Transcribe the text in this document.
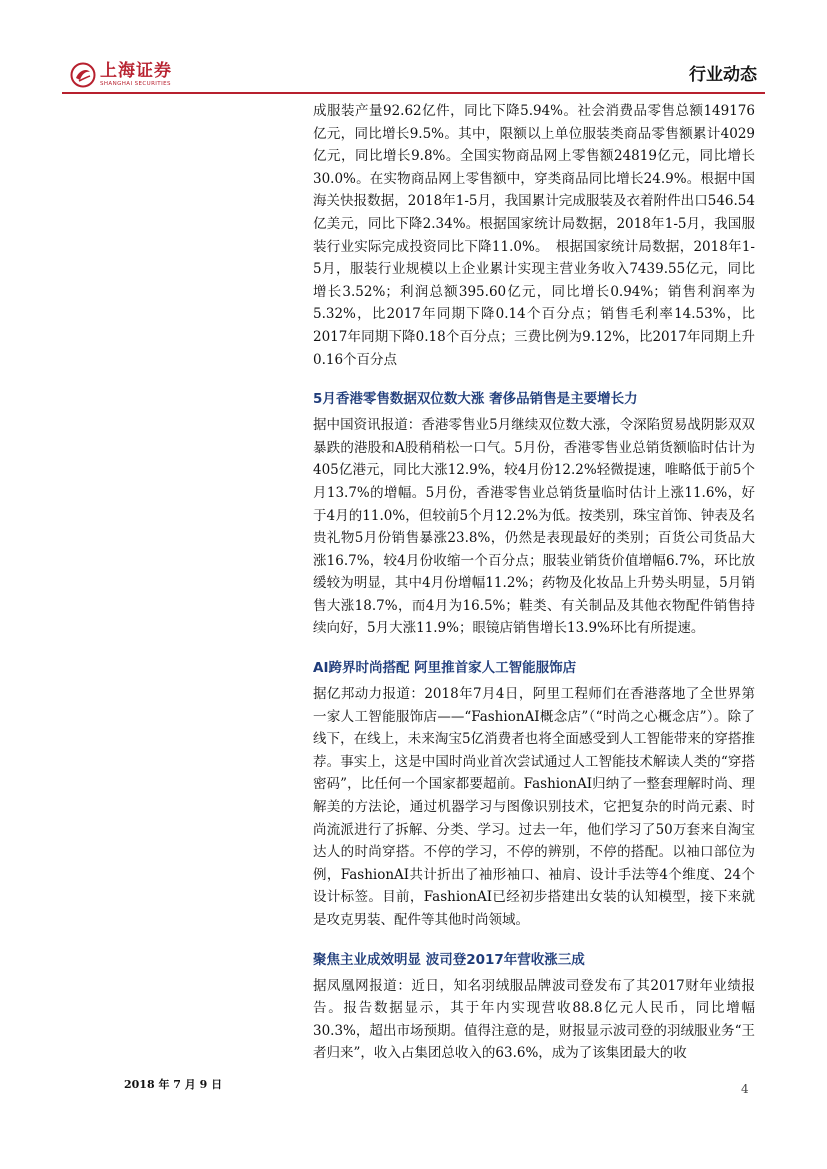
上海证券
SHANGHAI SECURITIES	行业动态

成服装产量92.62亿件，同比下降5.94%。社会消费品零售总额149176亿元，同比增长9.5%。其中，限额以上单位服装类商品零售额累计4029亿元，同比增长9.8%。全国实物商品网上零售额24819亿元，同比增长30.0%。在实物商品网上零售额中，穿类商品同比增长24.9%。根据中国海关快报数据，2018年1-5月，我国累计完成服装及衣着附件出口546.54亿美元，同比下降2.34%。根据国家统计局数据，2018年1-5月，我国服装行业实际完成投资同比下降11.0%。　根据国家统计局数据，2018年1-5月，服装行业规模以上企业累计实现主营业务收入7439.55亿元，同比增长3.52%；利润总额395.60亿元，同比增长0.94%；销售利润率为5.32%，比2017年同期下降0.14个百分点；销售毛利率14.53%，比 2017年同期下降0.18个百分点；三费比例为9.12%，比2017年同期上升0.16个百分点

5月香港零售数据双位数大涨 奢侈品销售是主要增长力

据中国资讯报道：香港零售业5月继续双位数大涨，令深陷贸易战阴影双双暴跌的港股和A股稍稍松一口气。5月份，香港零售业总销货额临时估计为405亿港元，同比大涨12.9%，较4月份12.2%轻微提速，唯略低于前5个月13.7%的增幅。5月份，香港零售业总销货量临时估计上涨11.6%，好于4月的11.0%，但较前5个月12.2%为低。按类别，珠宝首饰、钟表及名贵礼物5月份销售暴涨23.8%，仍然是表现最好的类别；百货公司货品大涨16.7%，较4月份收缩一个百分点；服装业销货价值增幅6.7%，环比放缓较为明显，其中4月份增幅11.2%；药物及化妆品上升势头明显，5月销售大涨18.7%，而4月为16.5%；鞋类、有关制品及其他衣物配件销售持续向好，5月大涨11.9%；眼镜店销售增长13.9%环比有所提速。

AI跨界时尚搭配 阿里推首家人工智能服饰店

据亿邦动力报道：2018年7月4日，阿里工程师们在香港落地了全世界第一家人工智能服饰店——“FashionAI概念店”（“时尚之心概念店”）。除了线下，在线上，未来淘宝5亿消费者也将全面感受到人工智能带来的穿搭推荐。事实上，这是中国时尚业首次尝试通过人工智能技术解读人类的“穿搭密码”，比任何一个国家都要超前。FashionAI归纳了一整套理解时尚、理解美的方法论，通过机器学习与图像识别技术，它把复杂的时尚元素、时尚流派进行了拆解、分类、学习。过去一年，他们学习了50万套来自淘宝达人的时尚穿搭。不停的学习，不停的辨别，不停的搭配。以袖口部位为例，FashionAI共计折出了袖形袖口、袖肩、设计手法等4个维度、24个设计标签。目前，FashionAI已经初步搭建出女装的认知模型，接下来就是攻克男装、配件等其他时尚领域。

聚焦主业成效明显 波司登2017年营收涨三成

据凤凰网报道：近日，知名羽绒服品牌波司登发布了其2017财年业绩报告。报告数据显示，其于年内实现营收88.8亿元人民币，同比增幅30.3%，超出市场预期。值得注意的是，财报显示波司登的羽绒服业务“王者归来”，收入占集团总收入的63.6%，成为了该集团最大的收

2018 年 7 月 9 日	4
